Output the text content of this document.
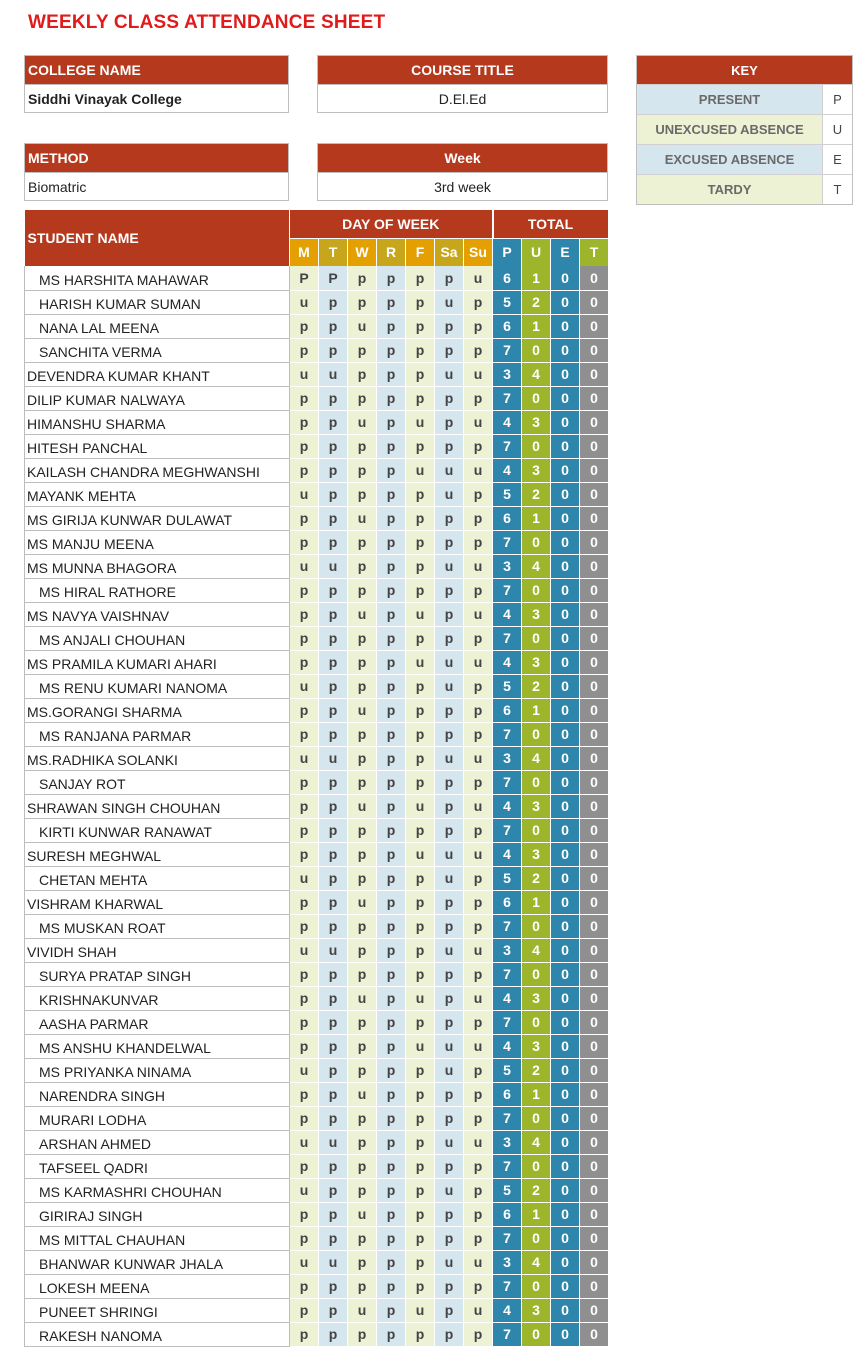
WEEKLY CLASS ATTENDANCE SHEET
COLLEGE NAME
Siddhi Vinayak College
COURSE TITLE
D.El.Ed
METHOD
Biomatric
Week
3rd week
KEY
PRESENT	P
UNEXCUSED ABSENCE	U
EXCUSED ABSENCE	E
TARDY	T
STUDENT NAME	DAY OF WEEK							TOTAL			
	M	T	W	R	F	Sa	Su	P	U	E	T

MS HARSHITA MAHAWAR	P	P	p	p	p	p	u	6	1	0	0

HARISH KUMAR SUMAN	u	p	p	p	p	u	p	5	2	0	0

NANA LAL MEENA	p	p	u	p	p	p	p	6	1	0	0

SANCHITA VERMA	p	p	p	p	p	p	p	7	0	0	0

DEVENDRA KUMAR KHANT	u	u	p	p	p	u	u	3	4	0	0

DILIP KUMAR NALWAYA	p	p	p	p	p	p	p	7	0	0	0

HIMANSHU SHARMA	p	p	u	p	u	p	u	4	3	0	0

HITESH PANCHAL	p	p	p	p	p	p	p	7	0	0	0

KAILASH CHANDRA MEGHWANSHI	p	p	p	p	u	u	u	4	3	0	0

MAYANK MEHTA	u	p	p	p	p	u	p	5	2	0	0

MS GIRIJA KUNWAR DULAWAT	p	p	u	p	p	p	p	6	1	0	0

MS MANJU MEENA	p	p	p	p	p	p	p	7	0	0	0

MS MUNNA BHAGORA	u	u	p	p	p	u	u	3	4	0	0

MS HIRAL RATHORE	p	p	p	p	p	p	p	7	0	0	0

MS NAVYA VAISHNAV	p	p	u	p	u	p	u	4	3	0	0

MS ANJALI CHOUHAN	p	p	p	p	p	p	p	7	0	0	0

MS PRAMILA KUMARI AHARI	p	p	p	p	u	u	u	4	3	0	0

MS RENU KUMARI NANOMA	u	p	p	p	p	u	p	5	2	0	0

MS.GORANGI SHARMA	p	p	u	p	p	p	p	6	1	0	0

MS RANJANA PARMAR	p	p	p	p	p	p	p	7	0	0	0

MS.RADHIKA SOLANKI	u	u	p	p	p	u	u	3	4	0	0

SANJAY ROT	p	p	p	p	p	p	p	7	0	0	0

SHRAWAN SINGH CHOUHAN	p	p	u	p	u	p	u	4	3	0	0

KIRTI KUNWAR RANAWAT	p	p	p	p	p	p	p	7	0	0	0

SURESH MEGHWAL	p	p	p	p	u	u	u	4	3	0	0

CHETAN MEHTA	u	p	p	p	p	u	p	5	2	0	0

VISHRAM KHARWAL	p	p	u	p	p	p	p	6	1	0	0

MS MUSKAN ROAT	p	p	p	p	p	p	p	7	0	0	0

VIVIDH SHAH	u	u	p	p	p	u	u	3	4	0	0

SURYA PRATAP SINGH	p	p	p	p	p	p	p	7	0	0	0

KRISHNAKUNVAR	p	p	u	p	u	p	u	4	3	0	0

AASHA PARMAR	p	p	p	p	p	p	p	7	0	0	0

MS ANSHU KHANDELWAL	p	p	p	p	u	u	u	4	3	0	0

MS PRIYANKA NINAMA	u	p	p	p	p	u	p	5	2	0	0

NARENDRA SINGH	p	p	u	p	p	p	p	6	1	0	0

MURARI LODHA	p	p	p	p	p	p	p	7	0	0	0

ARSHAN AHMED	u	u	p	p	p	u	u	3	4	0	0

TAFSEEL QADRI	p	p	p	p	p	p	p	7	0	0	0

MS KARMASHRI CHOUHAN	u	p	p	p	p	u	p	5	2	0	0

GIRIRAJ SINGH	p	p	u	p	p	p	p	6	1	0	0

MS MITTAL CHAUHAN	p	p	p	p	p	p	p	7	0	0	0

BHANWAR KUNWAR JHALA	u	u	p	p	p	u	u	3	4	0	0

LOKESH MEENA	p	p	p	p	p	p	p	7	0	0	0

PUNEET SHRINGI	p	p	u	p	u	p	u	4	3	0	0

RAKESH NANOMA	p	p	p	p	p	p	p	7	0	0	0
